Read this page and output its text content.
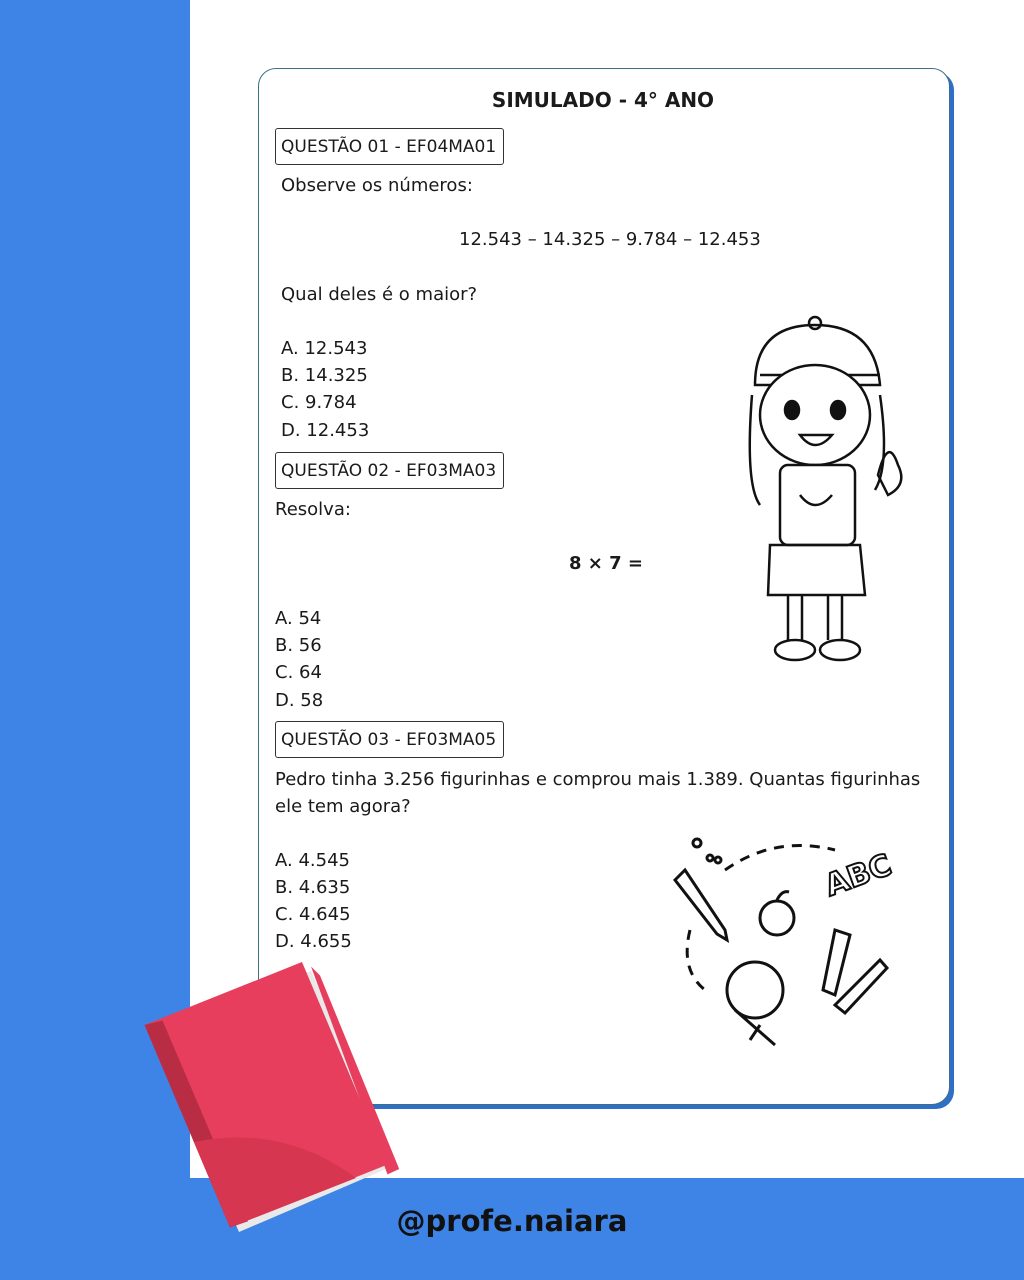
@profe.naiara
SIMULADO - 4° ANO
QUESTÃO 01 - EF04MA01
Observe os números:
12.543 – 14.325 – 9.784 – 12.453
Qual deles é o maior?
A. 12.543
B. 14.325
C. 9.784
D. 12.453
QUESTÃO 02 - EF03MA03
Resolva:
8 × 7 =
A. 54
B. 56
C. 64
D. 58
QUESTÃO 03 - EF03MA05
Pedro tinha 3.256 figurinhas e comprou mais 1.389. Quantas figurinhas
ele tem agora?
A. 4.545
B. 4.635
C. 4.645
D. 4.655
ABC
